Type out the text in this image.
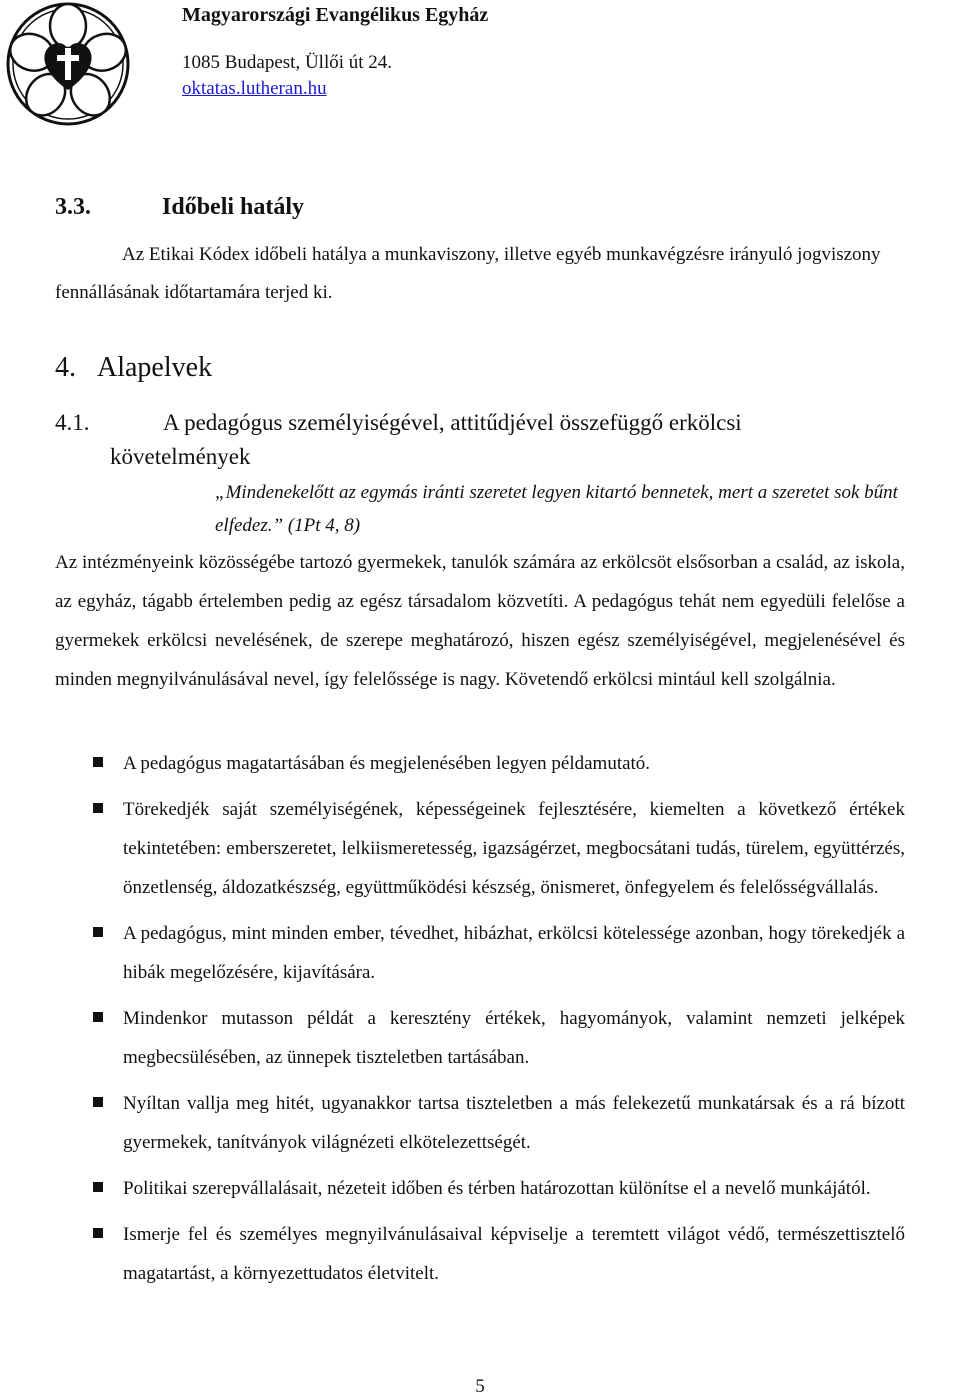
Magyarországi Evangélikus Egyház
1085 Budapest, Üllői út 24.
oktatas.lutheran.hu
3.3.	Időbeli hatály
Az Etikai Kódex időbeli hatálya a munkaviszony, illetve egyéb munkavégzésre irányuló jogviszony fennállásának időtartamára terjed ki.
4. Alapelvek
4.1.	A pedagógus személyiségével, attitűdjével összefüggő erkölcsi
követelmények
„Mindenekelőtt az egymás iránti szeretet legyen kitartó bennetek, mert a szeretet sok bűnt elfedez.” (1Pt 4, 8)
Az intézményeink közösségébe tartozó gyermekek, tanulók számára az erkölcsöt elsősorban a család, az iskola, az egyház, tágabb értelemben pedig az egész társadalom közvetíti. A pedagógus tehát nem egyedüli felelőse a gyermekek erkölcsi nevelésének, de szerepe meghatározó, hiszen egész személyiségével, megjelenésével és minden megnyilvánulásával nevel, így felelőssége is nagy. Követendő erkölcsi mintául kell szolgálnia.
A pedagógus magatartásában és megjelenésében legyen példamutató.
Törekedjék saját személyiségének, képességeinek fejlesztésére, kiemelten a következő értékek tekintetében: emberszeretet, lelkiismeretesség, igazságérzet, megbocsátani tudás, türelem, együttérzés, önzetlenség, áldozatkészség, együttműködési készség, önismeret, önfegyelem és felelősségvállalás.
A pedagógus, mint minden ember, tévedhet, hibázhat, erkölcsi kötelessége azonban, hogy törekedjék a hibák megelőzésére, kijavítására.
Mindenkor mutasson példát a keresztény értékek, hagyományok, valamint nemzeti jelképek megbecsülésében, az ünnepek tiszteletben tartásában.
Nyíltan vallja meg hitét, ugyanakkor tartsa tiszteletben a más felekezetű munkatársak és a rá bízott gyermekek, tanítványok világnézeti elkötelezettségét.
Politikai szerepvállalásait, nézeteit időben és térben határozottan különítse el a nevelő munkájától.
Ismerje fel és személyes megnyilvánulásaival képviselje a teremtett világot védő, természettisztelő magatartást, a környezettudatos életvitelt.
5
